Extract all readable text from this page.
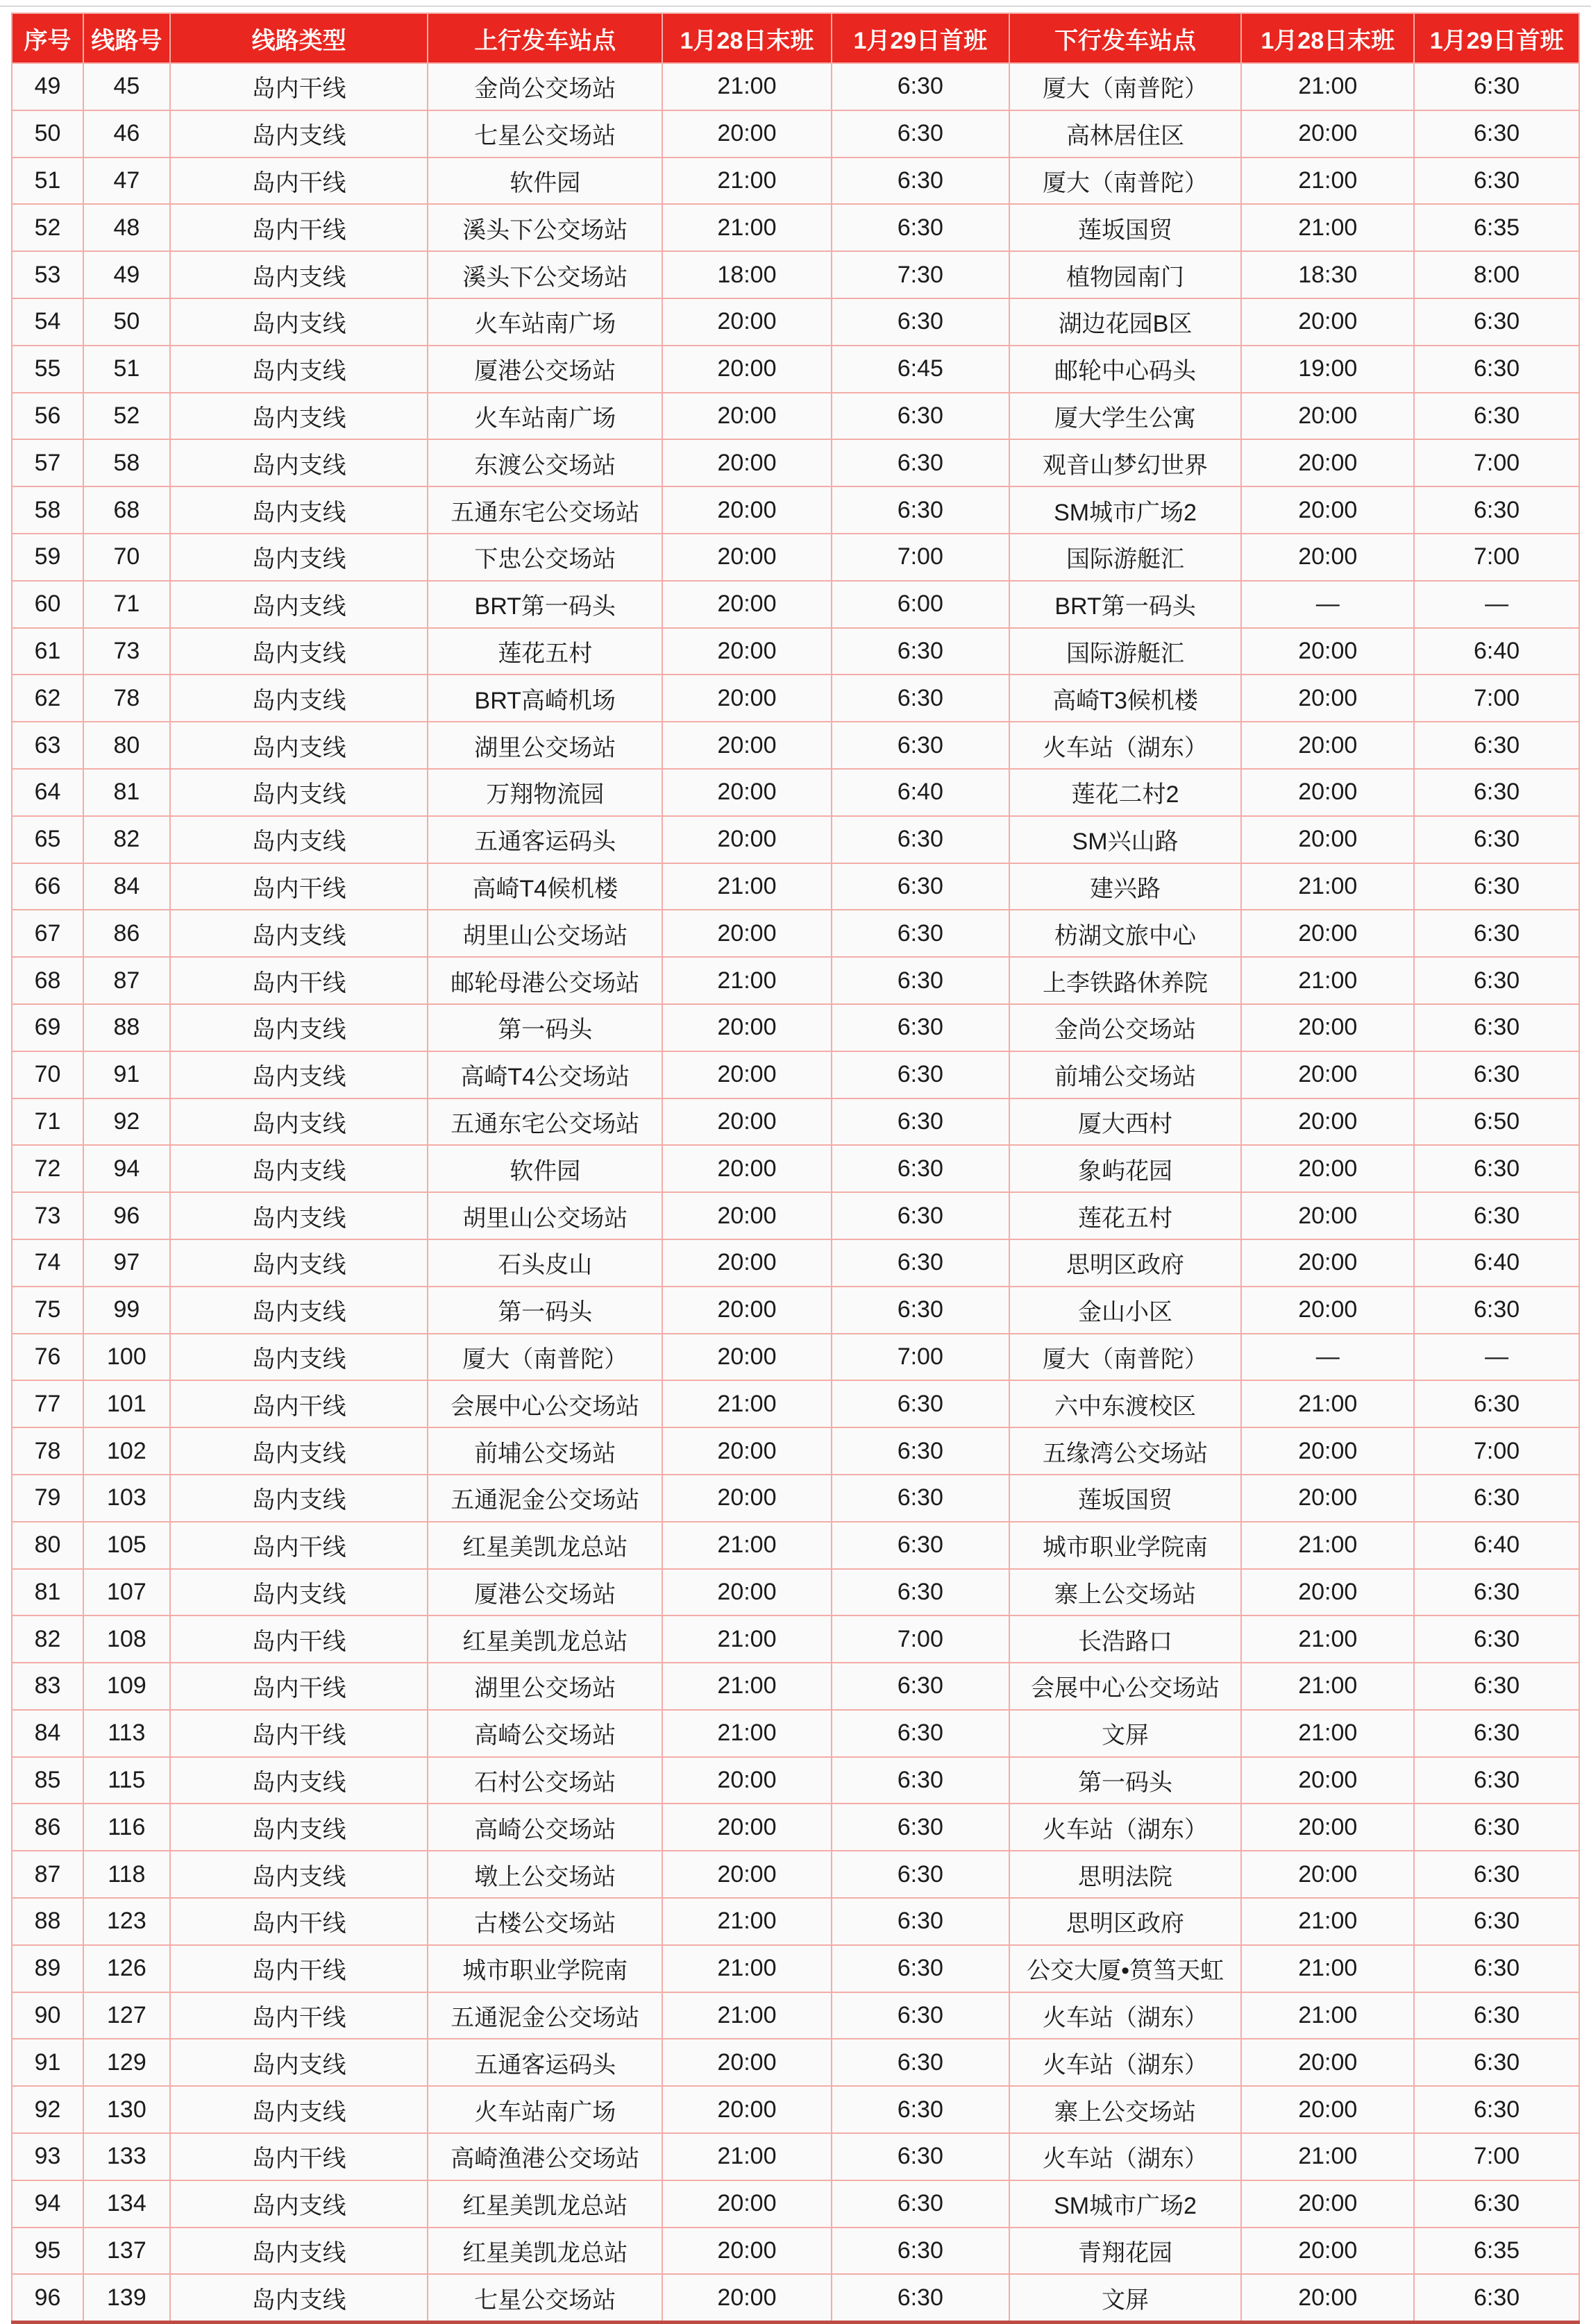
序号	线路号	线路类型	上行发车站点	1月28日末班	1月29日首班	下行发车站点	1月28日末班	1月29日首班
49	45	岛内干线	金尚公交场站	21:00	6:30	厦大（南普陀）	21:00	6:30
50	46	岛内支线	七星公交场站	20:00	6:30	高林居住区	20:00	6:30
51	47	岛内干线	软件园	21:00	6:30	厦大（南普陀）	21:00	6:30
52	48	岛内干线	溪头下公交场站	21:00	6:30	莲坂国贸	21:00	6:35
53	49	岛内支线	溪头下公交场站	18:00	7:30	植物园南门	18:30	8:00
54	50	岛内支线	火车站南广场	20:00	6:30	湖边花园B区	20:00	6:30
55	51	岛内支线	厦港公交场站	20:00	6:45	邮轮中心码头	19:00	6:30
56	52	岛内支线	火车站南广场	20:00	6:30	厦大学生公寓	20:00	6:30
57	58	岛内支线	东渡公交场站	20:00	6:30	观音山梦幻世界	20:00	7:00
58	68	岛内支线	五通东宅公交场站	20:00	6:30	SM城市广场2	20:00	6:30
59	70	岛内支线	下忠公交场站	20:00	7:00	国际游艇汇	20:00	7:00
60	71	岛内支线	BRT第一码头	20:00	6:00	BRT第一码头	—	—
61	73	岛内支线	莲花五村	20:00	6:30	国际游艇汇	20:00	6:40
62	78	岛内支线	BRT高崎机场	20:00	6:30	高崎T3候机楼	20:00	7:00
63	80	岛内支线	湖里公交场站	20:00	6:30	火车站（湖东）	20:00	6:30
64	81	岛内支线	万翔物流园	20:00	6:40	莲花二村2	20:00	6:30
65	82	岛内支线	五通客运码头	20:00	6:30	SM兴山路	20:00	6:30
66	84	岛内干线	高崎T4候机楼	21:00	6:30	建兴路	21:00	6:30
67	86	岛内支线	胡里山公交场站	20:00	6:30	枋湖文旅中心	20:00	6:30
68	87	岛内干线	邮轮母港公交场站	21:00	6:30	上李铁路休养院	21:00	6:30
69	88	岛内支线	第一码头	20:00	6:30	金尚公交场站	20:00	6:30
70	91	岛内支线	高崎T4公交场站	20:00	6:30	前埔公交场站	20:00	6:30
71	92	岛内支线	五通东宅公交场站	20:00	6:30	厦大西村	20:00	6:50
72	94	岛内支线	软件园	20:00	6:30	象屿花园	20:00	6:30
73	96	岛内支线	胡里山公交场站	20:00	6:30	莲花五村	20:00	6:30
74	97	岛内支线	石头皮山	20:00	6:30	思明区政府	20:00	6:40
75	99	岛内支线	第一码头	20:00	6:30	金山小区	20:00	6:30
76	100	岛内支线	厦大（南普陀）	20:00	7:00	厦大（南普陀）	—	—
77	101	岛内干线	会展中心公交场站	21:00	6:30	六中东渡校区	21:00	6:30
78	102	岛内支线	前埔公交场站	20:00	6:30	五缘湾公交场站	20:00	7:00
79	103	岛内支线	五通泥金公交场站	20:00	6:30	莲坂国贸	20:00	6:30
80	105	岛内干线	红星美凯龙总站	21:00	6:30	城市职业学院南	21:00	6:40
81	107	岛内支线	厦港公交场站	20:00	6:30	寨上公交场站	20:00	6:30
82	108	岛内干线	红星美凯龙总站	21:00	7:00	长浩路口	21:00	6:30
83	109	岛内干线	湖里公交场站	21:00	6:30	会展中心公交场站	21:00	6:30
84	113	岛内干线	高崎公交场站	21:00	6:30	文屏	21:00	6:30
85	115	岛内支线	石村公交场站	20:00	6:30	第一码头	20:00	6:30
86	116	岛内支线	高崎公交场站	20:00	6:30	火车站（湖东）	20:00	6:30
87	118	岛内支线	墩上公交场站	20:00	6:30	思明法院	20:00	6:30
88	123	岛内干线	古楼公交场站	21:00	6:30	思明区政府	21:00	6:30
89	126	岛内干线	城市职业学院南	21:00	6:30	公交大厦•筼筜天虹	21:00	6:30
90	127	岛内干线	五通泥金公交场站	21:00	6:30	火车站（湖东）	21:00	6:30
91	129	岛内支线	五通客运码头	20:00	6:30	火车站（湖东）	20:00	6:30
92	130	岛内支线	火车站南广场	20:00	6:30	寨上公交场站	20:00	6:30
93	133	岛内干线	高崎渔港公交场站	21:00	6:30	火车站（湖东）	21:00	7:00
94	134	岛内支线	红星美凯龙总站	20:00	6:30	SM城市广场2	20:00	6:30
95	137	岛内支线	红星美凯龙总站	20:00	6:30	青翔花园	20:00	6:35
96	139	岛内支线	七星公交场站	20:00	6:30	文屏	20:00	6:30
